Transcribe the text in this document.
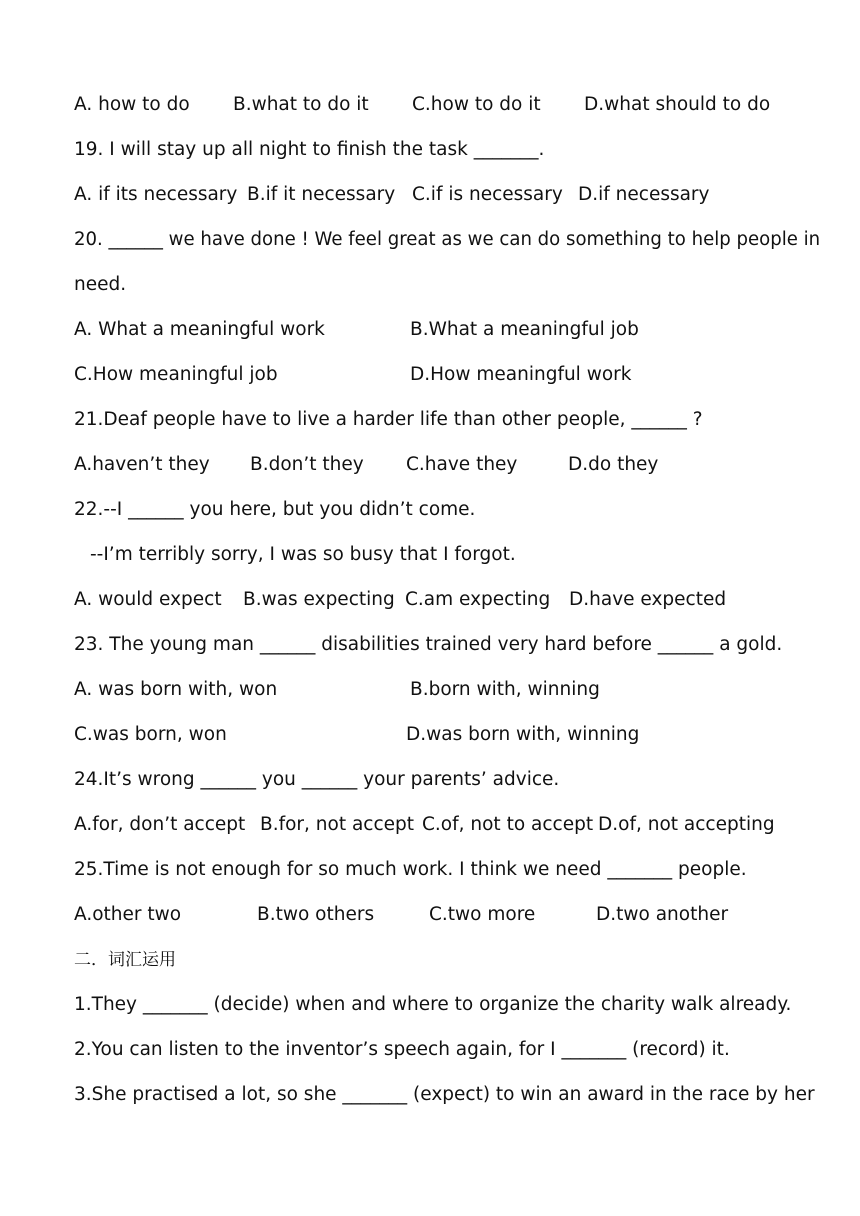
A. how to do B.what to do it C.how to do it D.what should to do
19. I will stay up all night to finish the task _______.
A. if its necessary B.if it necessary C.if is necessary D.if necessary
20. ______ we have done ! We feel great as we can do something to help people in
need.
A. What a meaningful work	B.What a meaningful job
C.How meaningful job	D.How meaningful work
21.Deaf people have to live a harder life than other people, ______ ?
A.haven’t they B.don’t they C.have they	D.do they
22.--I ______ you here, but you didn’t come.
--I’m terribly sorry, I was so busy that I forgot.
A. would expect B.was expecting C.am expecting D.have expected
23. The young man ______ disabilities trained very hard before ______ a gold.
A. was born with, won	B.born with, winning
C.was born, won	D.was born with, winning
24.It’s wrong ______ you ______ your parents’ advice.
A.for, don’t accept B.for, not accept C.of, not to accept D.of, not accepting
25.Time is not enough for so much work. I think we need _______ people.
A.other two	B.two others	C.two more	D.two another
二．词汇运用
1.They _______ (decide) when and where to organize the charity walk already.
2.You can listen to the inventor’s speech again, for I _______ (record) it.
3.She practised a lot, so she _______ (expect) to win an award in the race by her
